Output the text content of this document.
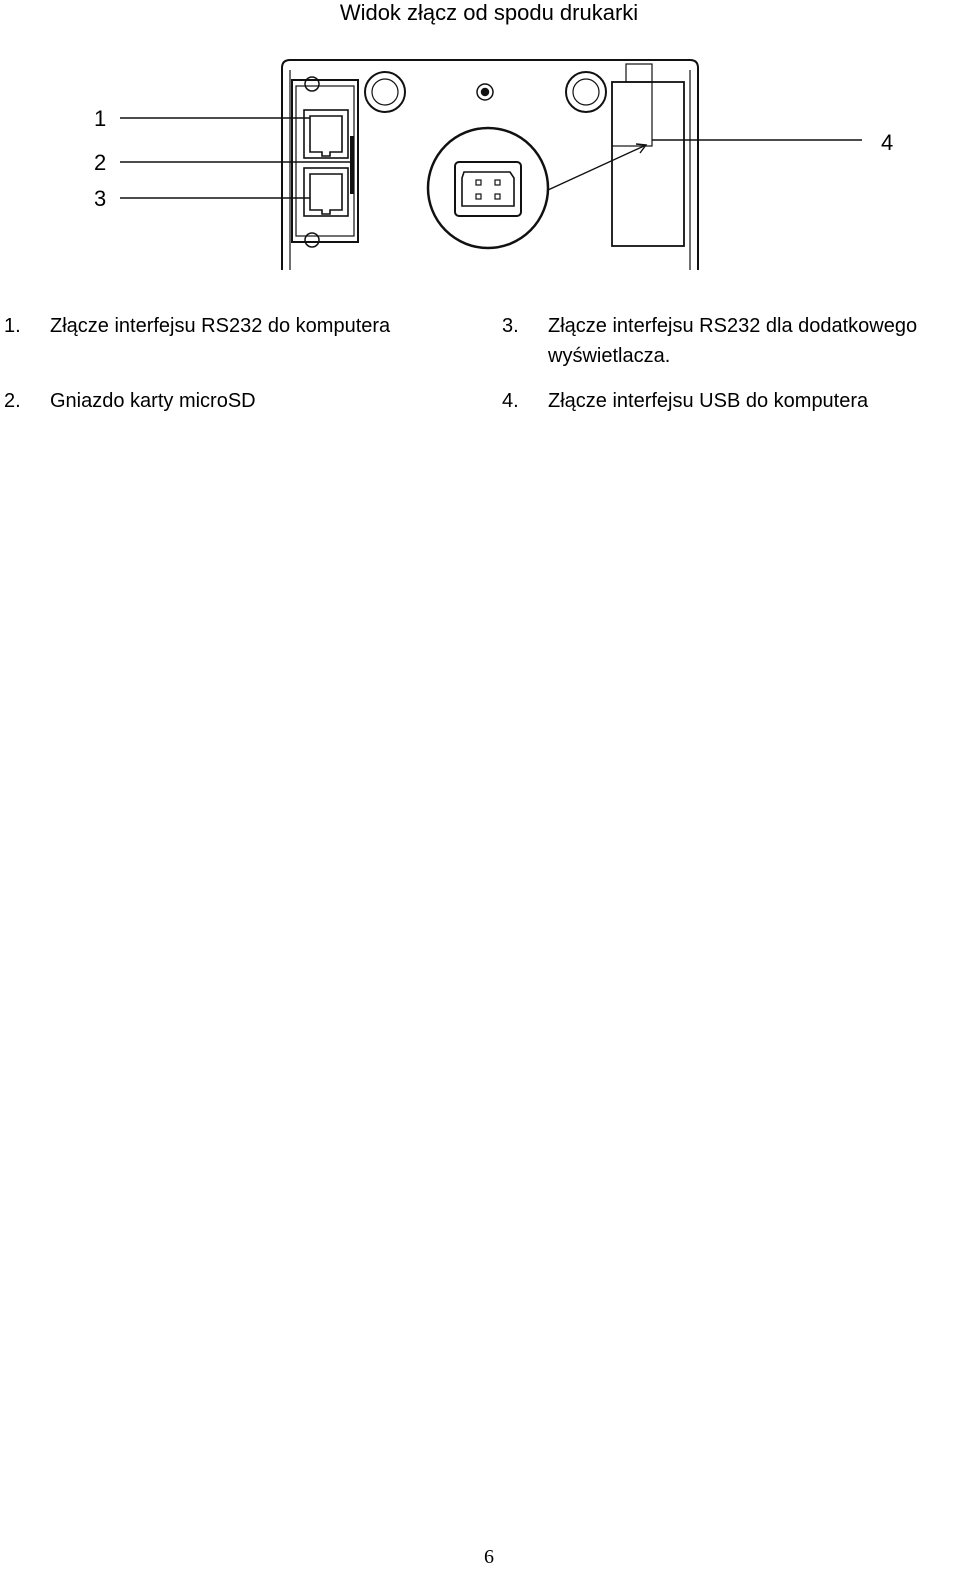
Widok złącz od spodu drukarki
1
2
3
4
1. Złącze interfejsu RS232 do komputera
2. Gniazdo karty microSD
3. Złącze interfejsu RS232 dla dodatkowego
wyświetlacza.
4. Złącze interfejsu USB do komputera
6
